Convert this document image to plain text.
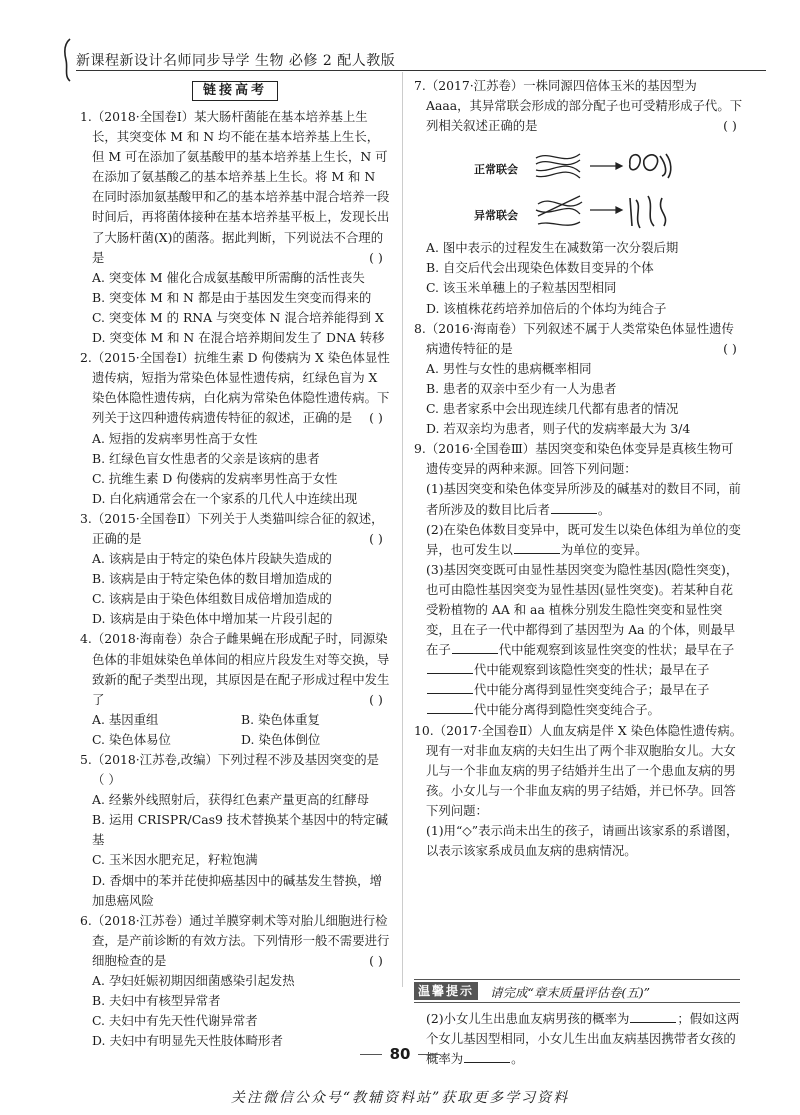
新课程新设计名师同步导学 生物 必修 2 配人教版
链接高考

1.（2018·全国卷Ⅰ）某大肠杆菌能在基本培养基上生长，其突变体 M 和 N 均不能在基本培养基上生长，但 M 可在添加了氨基酸甲的基本培养基上生长，N 可在添加了氨基酸乙的基本培养基上生长。将 M 和 N 在同时添加氨基酸甲和乙的基本培养基中混合培养一段时间后，再将菌体接种在基本培养基平板上，发现长出了大肠杆菌(X)的菌落。据此判断，下列说法不合理的是	( )

A. 突变体 M 催化合成氨基酸甲所需酶的活性丧失

B. 突变体 M 和 N 都是由于基因发生突变而得来的

C. 突变体 M 的 RNA 与突变体 N 混合培养能得到 X

D. 突变体 M 和 N 在混合培养期间发生了 DNA 转移

2.（2015·全国卷Ⅰ）抗维生素 D 佝偻病为 X 染色体显性遗传病，短指为常染色体显性遗传病，红绿色盲为 X 染色体隐性遗传病，白化病为常染色体隐性遗传病。下列关于这四种遗传病遗传特征的叙述，正确的是 ( )

A. 短指的发病率男性高于女性

B. 红绿色盲女性患者的父亲是该病的患者

C. 抗维生素 D 佝偻病的发病率男性高于女性

D. 白化病通常会在一个家系的几代人中连续出现

3.（2015·全国卷Ⅱ）下列关于人类猫叫综合征的叙述，正确的是	( )

A. 该病是由于特定的染色体片段缺失造成的

B. 该病是由于特定染色体的数目增加造成的

C. 该病是由于染色体组数目成倍增加造成的

D. 该病是由于染色体中增加某一片段引起的

4.（2018·海南卷）杂合子雌果蝇在形成配子时，同源染色体的非姐妹染色单体间的相应片段发生对等交换，导致新的配子类型出现，其原因是在配子形成过程中发生了	( )

A. 基因重组	B. 染色体重复
C. 染色体易位	D. 染色体倒位

5.（2018·江苏卷,改编）下列过程不涉及基因突变的是（ ）

A. 经紫外线照射后，获得红色素产量更高的红酵母

B. 运用 CRISPR/Cas9 技术替换某个基因中的特定碱基

C. 玉米因水肥充足，籽粒饱满

D. 香烟中的苯并芘使抑癌基因中的碱基发生替换，增加患癌风险

6.（2018·江苏卷）通过羊膜穿刺术等对胎儿细胞进行检查，是产前诊断的有效方法。下列情形一般不需要进行细胞检查的是	( )

A. 孕妇妊娠初期因细菌感染引起发热

B. 夫妇中有核型异常者

C. 夫妇中有先天性代谢异常者

D. 夫妇中有明显先天性肢体畸形者

7.（2017·江苏卷）一株同源四倍体玉米的基因型为 Aaaa，其异常联会形成的部分配子也可受精形成子代。下列相关叙述正确的是	( )

正常联会
异常联会

A. 图中表示的过程发生在减数第一次分裂后期

B. 自交后代会出现染色体数目变异的个体

C. 该玉米单穗上的子粒基因型相同

D. 该植株花药培养加倍后的个体均为纯合子

8.（2016·海南卷）下列叙述不属于人类常染色体显性遗传病遗传特征的是	( )

A. 男性与女性的患病概率相同

B. 患者的双亲中至少有一人为患者

C. 患者家系中会出现连续几代都有患者的情况

D. 若双亲均为患者，则子代的发病率最大为 3/4

9.（2016·全国卷Ⅲ）基因突变和染色体变异是真核生物可遗传变异的两种来源。回答下列问题：

(1)基因突变和染色体变异所涉及的碱基对的数目不同，前者所涉及的数目比后者	。

(2)在染色体数目变异中，既可发生以染色体组为单位的变异，也可发生以	为单位的变异。

(3)基因突变既可由显性基因突变为隐性基因(隐性突变)，也可由隐性基因突变为显性基因(显性突变)。若某种自花受粉植物的 AA 和 aa 植株分别发生隐性突变和显性突变，且在子一代中都得到了基因型为 Aa 的个体，则最早在子	代中能观察到该显性突变的性状；最早在子代中能观察到该隐性突变的性状；最早在子代中能分离得到显性突变纯合子；最早在子代中能分离得到隐性突变纯合子。

10.（2017·全国卷Ⅱ）人血友病是伴 X 染色体隐性遗传病。现有一对非血友病的夫妇生出了两个非双胞胎女儿。大女儿与一个非血友病的男子结婚并生出了一个患血友病的男孩。小女儿与一个非血友病的男子结婚，并已怀孕。回答下列问题：

(1)用“◇”表示尚未出生的孩子，请画出该家系的系谱图，以表示该家系成员血友病的患病情况。

(2)小女儿生出患血友病男孩的概率为	；假如这两个女儿基因型相同，小女儿生出血友病基因携带者女孩的概率为	。

温馨提示	请完成“章末质量评估卷(五)”
80
关注微信公众号“教辅资料站”获取更多学习资料
